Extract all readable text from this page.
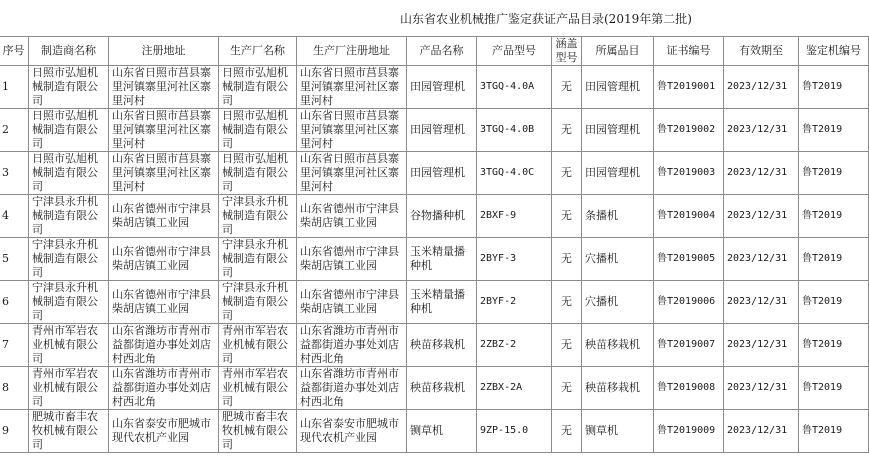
山东省农业机械推广鉴定获证产品目录(2019年第二批)
序号	制造商名称	注册地址	生产厂名称	生产厂注册地址	产品名称	产品型号	涵盖型号	所属品目	证书编号	有效期至	鉴定机编号
1	日照市弘旭机械制造有限公司	山东省日照市莒县寨里河镇寨里河社区寨里河村	日照市弘旭机械制造有限公司	山东省日照市莒县寨里河镇寨里河社区寨里河村	田园管理机	3TGQ-4.0A	无	田园管理机	鲁T2019001	2023/12/31	鲁T2019
2	日照市弘旭机械制造有限公司	山东省日照市莒县寨里河镇寨里河社区寨里河村	日照市弘旭机械制造有限公司	山东省日照市莒县寨里河镇寨里河社区寨里河村	田园管理机	3TGQ-4.0B	无	田园管理机	鲁T2019002	2023/12/31	鲁T2019
3	日照市弘旭机械制造有限公司	山东省日照市莒县寨里河镇寨里河社区寨里河村	日照市弘旭机械制造有限公司	山东省日照市莒县寨里河镇寨里河社区寨里河村	田园管理机	3TGQ-4.0C	无	田园管理机	鲁T2019003	2023/12/31	鲁T2019
4	宁津县永升机械制造有限公司	山东省德州市宁津县柴胡店镇工业园	宁津县永升机械制造有限公司	山东省德州市宁津县柴胡店镇工业园	谷物播种机	2BXF-9	无	条播机	鲁T2019004	2023/12/31	鲁T2019
5	宁津县永升机械制造有限公司	山东省德州市宁津县柴胡店镇工业园	宁津县永升机械制造有限公司	山东省德州市宁津县柴胡店镇工业园	玉米精量播种机	2BYF-3	无	穴播机	鲁T2019005	2023/12/31	鲁T2019
6	宁津县永升机械制造有限公司	山东省德州市宁津县柴胡店镇工业园	宁津县永升机械制造有限公司	山东省德州市宁津县柴胡店镇工业园	玉米精量播种机	2BYF-2	无	穴播机	鲁T2019006	2023/12/31	鲁T2019
7	青州市军岩农业机械有限公司	山东省潍坊市青州市益都街道办事处刘店村西北角	青州市军岩农业机械有限公司	山东省潍坊市青州市益都街道办事处刘店村西北角	秧苗移栽机	2ZBZ-2	无	秧苗移栽机	鲁T2019007	2023/12/31	鲁T2019
8	青州市军岩农业机械有限公司	山东省潍坊市青州市益都街道办事处刘店村西北角	青州市军岩农业机械有限公司	山东省潍坊市青州市益都街道办事处刘店村西北角	秧苗移栽机	2ZBX-2A	无	秧苗移栽机	鲁T2019008	2023/12/31	鲁T2019
9	肥城市畜丰农牧机械有限公司	山东省泰安市肥城市现代农机产业园	肥城市畜丰农牧机械有限公司	山东省泰安市肥城市现代农机产业园	铡草机	9ZP-15.0	无	铡草机	鲁T2019009	2023/12/31	鲁T2019
